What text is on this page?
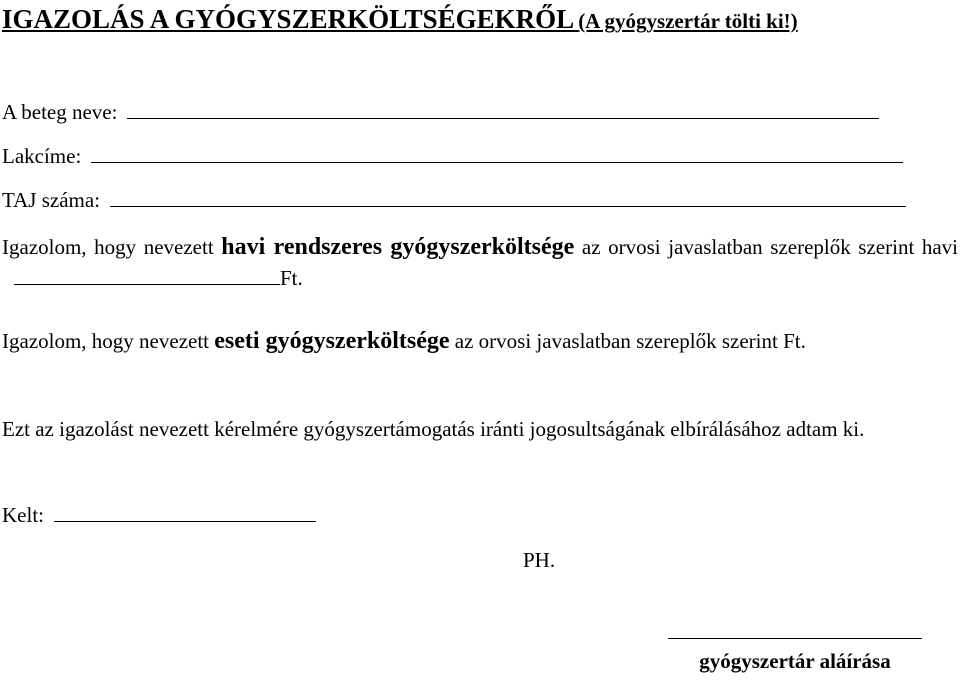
IGAZOLÁS A GYÓGYSZERKÖLTSÉGEKRŐL (A gyógyszertár tölti ki!)
A beteg neve:
Lakcíme:
TAJ száma:
Igazolom, hogy nevezett havi rendszeres gyógyszerköltsége az orvosi javaslatban szereplők szerint haviFt.
Igazolom, hogy nevezett eseti gyógyszerköltsége az orvosi javaslatban szereplők szerint Ft.
Ezt az igazolást nevezett kérelmére gyógyszertámogatás iránti jogosultságának elbírálásához adtam ki.
Kelt:
PH.
gyógyszertár aláírása
